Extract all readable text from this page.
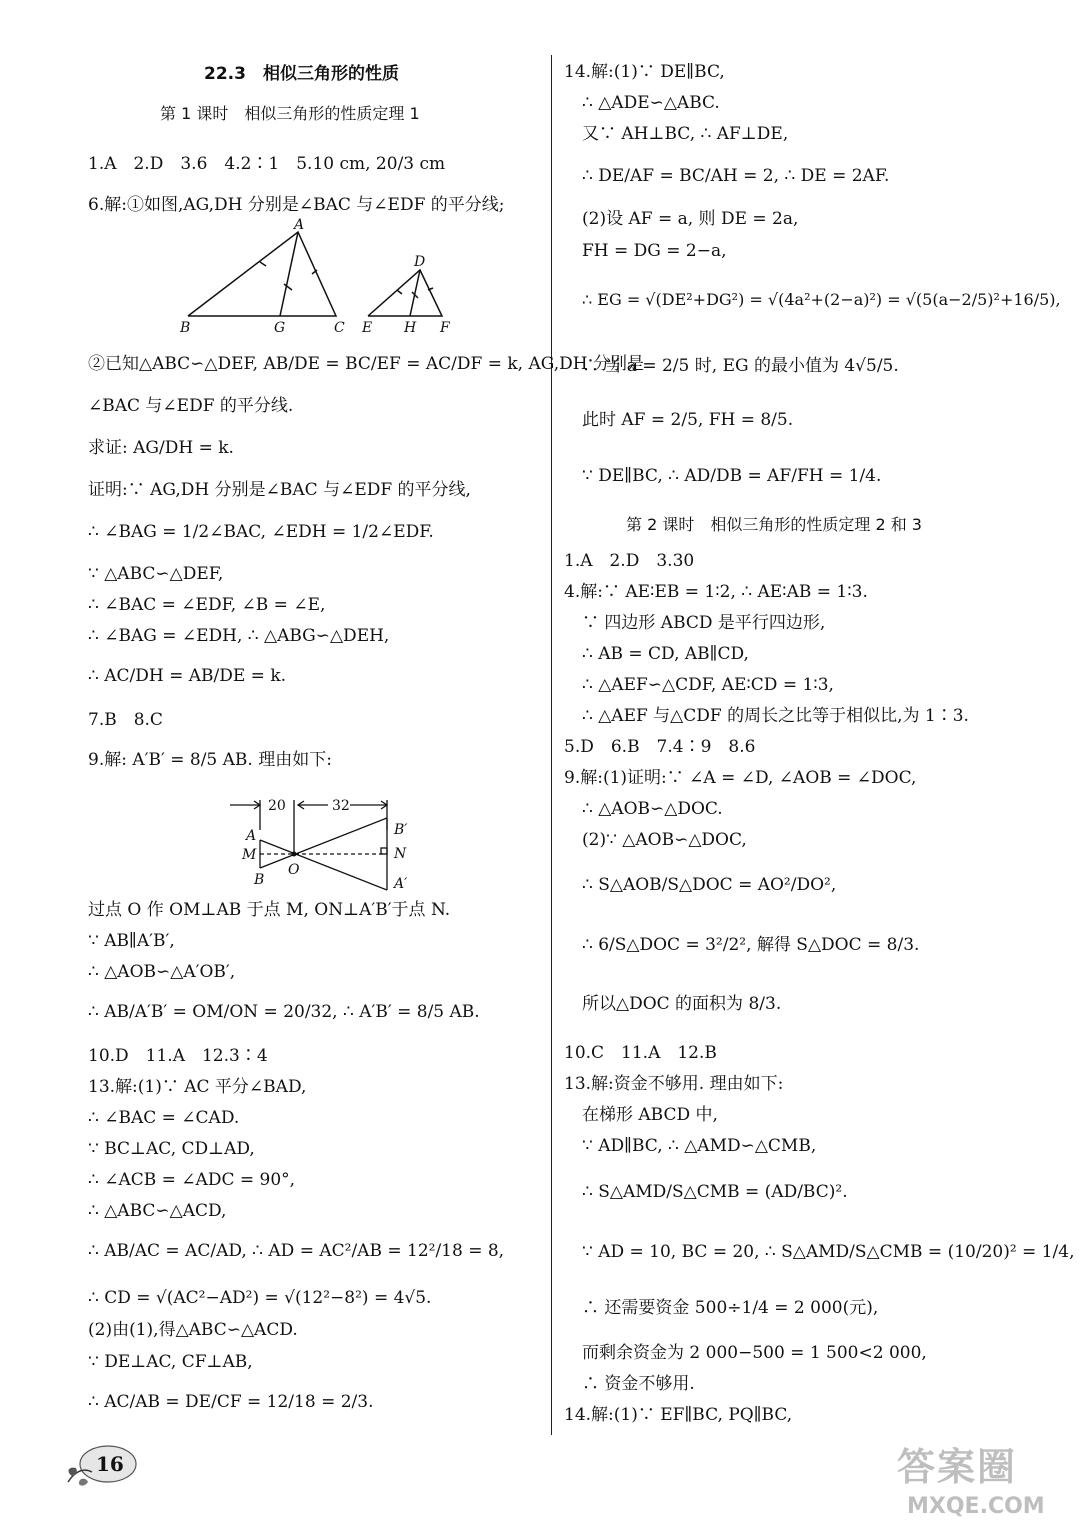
22.3　相似三角形的性质
第 1 课时　相似三角形的性质定理 1
1.A　2.D　3.6　4.2∶1　5.10 cm, 20/3 cm
6.解:①如图,AG,DH 分别是∠BAC 与∠EDF 的平分线;
A
B	G	C
D
E H F
②已知△ABC∽△DEF, AB/DE = BC/EF = AC/DF = k, AG,DH 分别是
∠BAC 与∠EDF 的平分线.
求证: AG/DH = k.
证明:∵ AG,DH 分别是∠BAC 与∠EDF 的平分线,
∴ ∠BAG = 1/2∠BAC, ∠EDH = 1/2∠EDF.
∵ △ABC∽△DEF,
∴ ∠BAC = ∠EDF, ∠B = ∠E,
∴ ∠BAG = ∠EDH, ∴ △ABG∽△DEH,
∴ AC/DH = AB/DE = k.
7.B　8.C
9.解: A′B′ = 8/5 AB. 理由如下:
20	32
A
M
B
O
B′
N
A′
过点 O 作 OM⊥AB 于点 M, ON⊥A′B′于点 N.
∵ AB∥A′B′,
∴ △AOB∽△A′OB′,
∴ AB/A′B′ = OM/ON = 20/32, ∴ A′B′ = 8/5 AB.
10.D　11.A　12.3∶4
13.解:(1)∵ AC 平分∠BAD,
∴ ∠BAC = ∠CAD.
∵ BC⊥AC, CD⊥AD,
∴ ∠ACB = ∠ADC = 90°,
∴ △ABC∽△ACD,
∴ AB/AC = AC/AD, ∴ AD = AC²/AB = 12²/18 = 8,
∴ CD = √(AC²−AD²) = √(12²−8²) = 4√5.
(2)由(1),得△ABC∽△ACD.
∵ DE⊥AC, CF⊥AB,
∴ AC/AB = DE/CF = 12/18 = 2/3.
14.解:(1)∵ DE∥BC,
∴ △ADE∽△ABC.
又∵ AH⊥BC, ∴ AF⊥DE,
∴ DE/AF = BC/AH = 2, ∴ DE = 2AF.
(2)设 AF = a, 则 DE = 2a,
FH = DG = 2−a,
∴ EG = √(DE²+DG²) = √(4a²+(2−a)²) = √(5(a−2/5)²+16/5),
∴ 当 a = 2/5 时, EG 的最小值为 4√5/5.
此时 AF = 2/5, FH = 8/5.
∵ DE∥BC, ∴ AD/DB = AF/FH = 1/4.
第 2 课时　相似三角形的性质定理 2 和 3
1.A　2.D　3.30
4.解:∵ AE∶EB = 1∶2, ∴ AE∶AB = 1∶3.
∵ 四边形 ABCD 是平行四边形,
∴ AB = CD, AB∥CD,
∴ △AEF∽△CDF, AE∶CD = 1∶3,
∴ △AEF 与△CDF 的周长之比等于相似比,为 1∶3.
5.D　6.B　7.4∶9　8.6
9.解:(1)证明:∵ ∠A = ∠D, ∠AOB = ∠DOC,
∴ △AOB∽△DOC.
(2)∵ △AOB∽△DOC,
∴ S△AOB/S△DOC = AO²/DO²,
∴ 6/S△DOC = 3²/2², 解得 S△DOC = 8/3.
所以△DOC 的面积为 8/3.
10.C　11.A　12.B
13.解:资金不够用. 理由如下:
在梯形 ABCD 中,
∵ AD∥BC, ∴ △AMD∽△CMB,
∴ S△AMD/S△CMB = (AD/BC)².
∵ AD = 10, BC = 20, ∴ S△AMD/S△CMB = (10/20)² = 1/4,
∴ 还需要资金 500÷1/4 = 2 000(元),
而剩余资金为 2 000−500 = 1 500<2 000,
∴ 资金不够用.
14.解:(1)∵ EF∥BC, PQ∥BC,
16	答案圈
MXQE.COM
